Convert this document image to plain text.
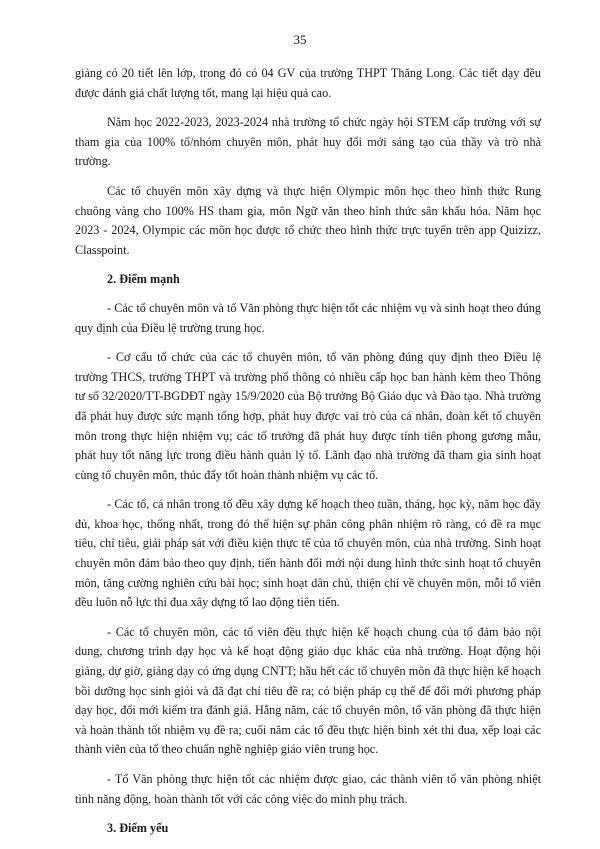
35

giảng có 20 tiết lên lớp, trong đó có 04 GV của trường THPT Thăng Long. Các tiết dạy đều được đánh giá chất lượng tốt, mang lại hiệu quả cao.

Năm học 2022-2023, 2023-2024 nhà trường tổ chức ngày hội STEM cấp trường với sự tham gia của 100% tổ/nhóm chuyên môn, phát huy đổi mới sáng tạo của thầy và trò nhà trường.

Các tổ chuyên môn xây dựng và thực hiện Olympic môn học theo hình thức Rung chuông vàng cho 100% HS tham gia, môn Ngữ văn theo hình thức sân khấu hóa. Năm học 2023 - 2024, Olympic các môn học được tổ chức theo hình thức trực tuyến trên app Quizizz, Classpoint.

2. Điểm mạnh

- Các tổ chuyên môn và tổ Văn phòng thực hiện tốt các nhiệm vụ và sinh hoạt theo đúng quy định của Điều lệ trường trung học.

- Cơ cấu tổ chức của các tổ chuyên môn, tổ văn phòng đúng quy định theo Điều lệ trường THCS, trường THPT và trường phổ thông có nhiều cấp học ban hành kèm theo Thông tư số 32/2020/TT-BGDĐT ngày 15/9/2020 của Bộ trưởng Bộ Giáo dục và Đào tạo. Nhà trường đã phát huy được sức mạnh tổng hợp, phát huy được vai trò của cá nhân, đoàn kết tổ chuyên môn trong thực hiện nhiệm vụ; các tổ trưởng đã phát huy được tính tiên phong gương mẫu, phát huy tốt năng lực trong điều hành quản lý tổ. Lãnh đạo nhà trường đã tham gia sinh hoạt cùng tổ chuyên môn, thúc đẩy tốt hoàn thành nhiệm vụ các tổ.

- Các tổ, cá nhân trong tổ đều xây dựng kế hoạch theo tuần, tháng, học kỳ, năm học đầy đủ, khoa học, thống nhất, trong đó thể hiện sự phân công phân nhiệm rõ ràng, có đề ra mục tiêu, chỉ tiêu, giải pháp sát với điều kiện thực tế của tổ chuyên môn, của nhà trường. Sinh hoạt chuyên môn đảm bảo theo quy định, tiến hành đổi mới nội dung hình thức sinh hoạt tổ chuyên môn, tăng cường nghiên cứu bài học; sinh hoạt dân chủ, thiện chí về chuyên môn, mỗi tổ viên đều luôn nỗ lực thi đua xây dựng tổ lao động tiên tiến.

- Các tổ chuyên môn, các tổ viên đều thực hiện kế hoạch chung của tổ đảm bảo nội dung, chương trình dạy học và kế hoạt động giáo dục khác của nhà trường. Hoạt động hội giảng, dự giờ, giảng dạy có ứng dụng CNTT; hầu hết các tổ chuyên môn đã thực hiện kế hoạch bồi dưỡng học sinh giỏi và đã đạt chỉ tiêu đề ra; có biện pháp cụ thể để đổi mới phương pháp dạy học, đổi mới kiểm tra đánh giá. Hằng năm, các tổ chuyên môn, tổ văn phòng đã thực hiện và hoàn thành tốt nhiệm vụ đề ra; cuối năm các tổ đều thực hiện bình xét thi đua, xếp loại các thành viên của tổ theo chuẩn nghề nghiệp giáo viên trung học.

- Tổ Văn phòng thực hiện tốt các nhiệm được giao, các thành viên tổ văn phòng nhiệt tình năng động, hoàn thành tốt với các công việc do mình phụ trách.

3. Điểm yếu
